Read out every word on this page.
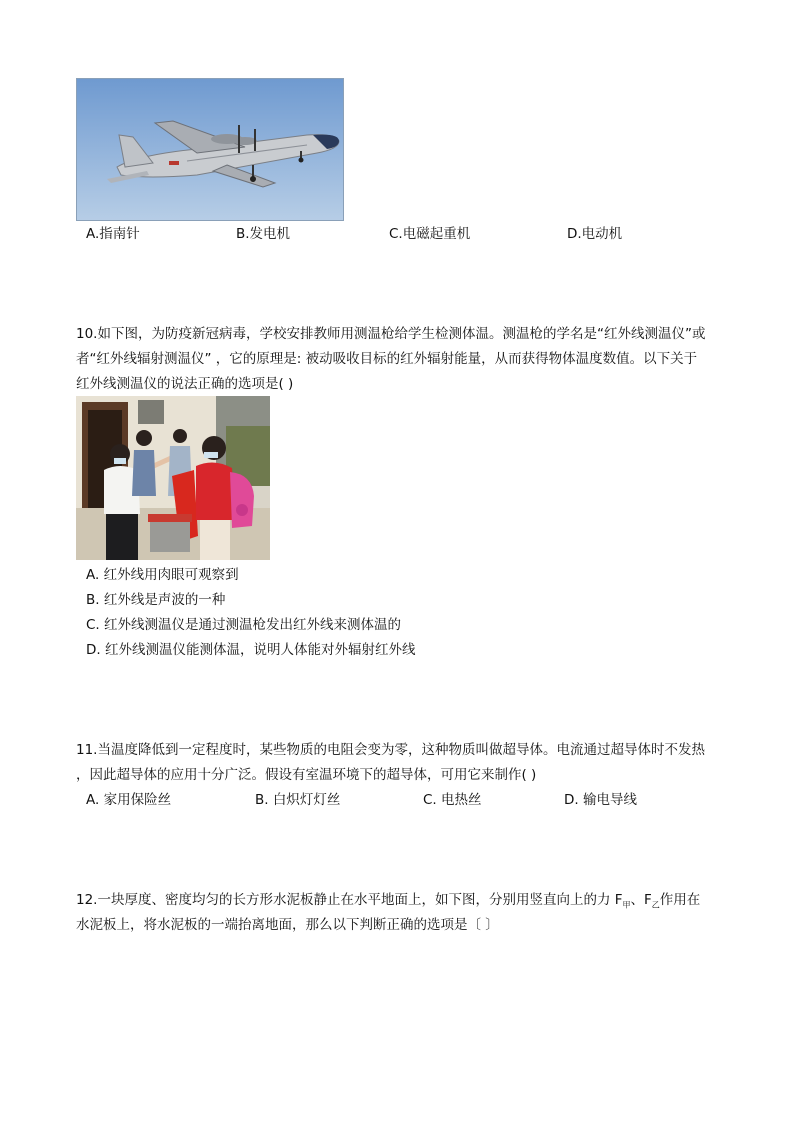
A.指南针	B.发电机	C.电磁起重机	D.电动机
10.如下图，为防疫新冠病毒，学校安排教师用测温枪给学生检测体温。测温枪的学名是“红外线测温仪”或
者“红外线辐射测温仪” ，它的原理是: 被动吸收目标的红外辐射能量，从而获得物体温度数值。以下关于
红外线测温仪的说法正确的选项是( )
A. 红外线用肉眼可观察到
B. 红外线是声波的一种
C. 红外线测温仪是通过测温枪发出红外线来测体温的
D. 红外线测温仪能测体温，说明人体能对外辐射红外线
11.当温度降低到一定程度时，某些物质的电阻会变为零，这种物质叫做超导体。电流通过超导体时不发热
，因此超导体的应用十分广泛。假设有室温环境下的超导体，可用它来制作( )
A. 家用保险丝	B. 白炽灯灯丝	C. 电热丝	D. 输电导线
12.一块厚度、密度均匀的长方形水泥板静止在水平地面上，如下图，分别用竖直向上的力 $F_甲$、$F_乙$作用在
水泥板上，将水泥板的一端抬离地面，那么以下判断正确的选项是〔 〕
